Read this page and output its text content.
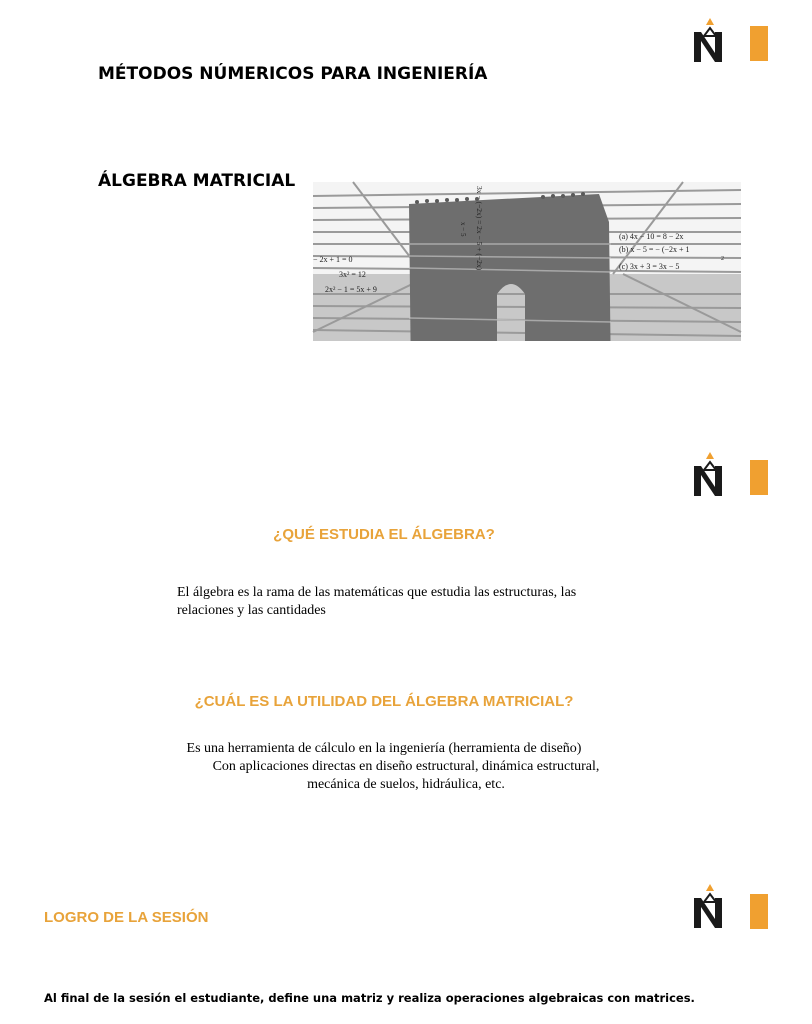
MÉTODOS NÚMERICOS PARA INGENIERÍA
ÁLGEBRA MATRICIAL
− 2x + 1 = 0
3x² = 12
2x² − 1 = 5x + 9
(a) 4x − 10 = 8 − 2x
(b) x − 5 = − (−2x + 1
2
(c) 3x + 3 = 3x − 5
3x − (−2x) = 2x − 5 + (−2x)
x − 5

¿QUÉ ESTUDIA EL ÁLGEBRA?

El álgebra es la rama de las matemáticas que estudia las estructuras, las

relaciones y las cantidades

¿CUÁL ES LA UTILIDAD DEL ÁLGEBRA MATRICIAL?

Es una herramienta de cálculo en la ingeniería (herramienta de diseño)

Con aplicaciones directas en diseño estructural, dinámica estructural,

mecánica de suelos, hidráulica, etc.

LOGRO DE LA SESIÓN

Al final de la sesión el estudiante, define una matriz y realiza operaciones algebraicas con matrices.
